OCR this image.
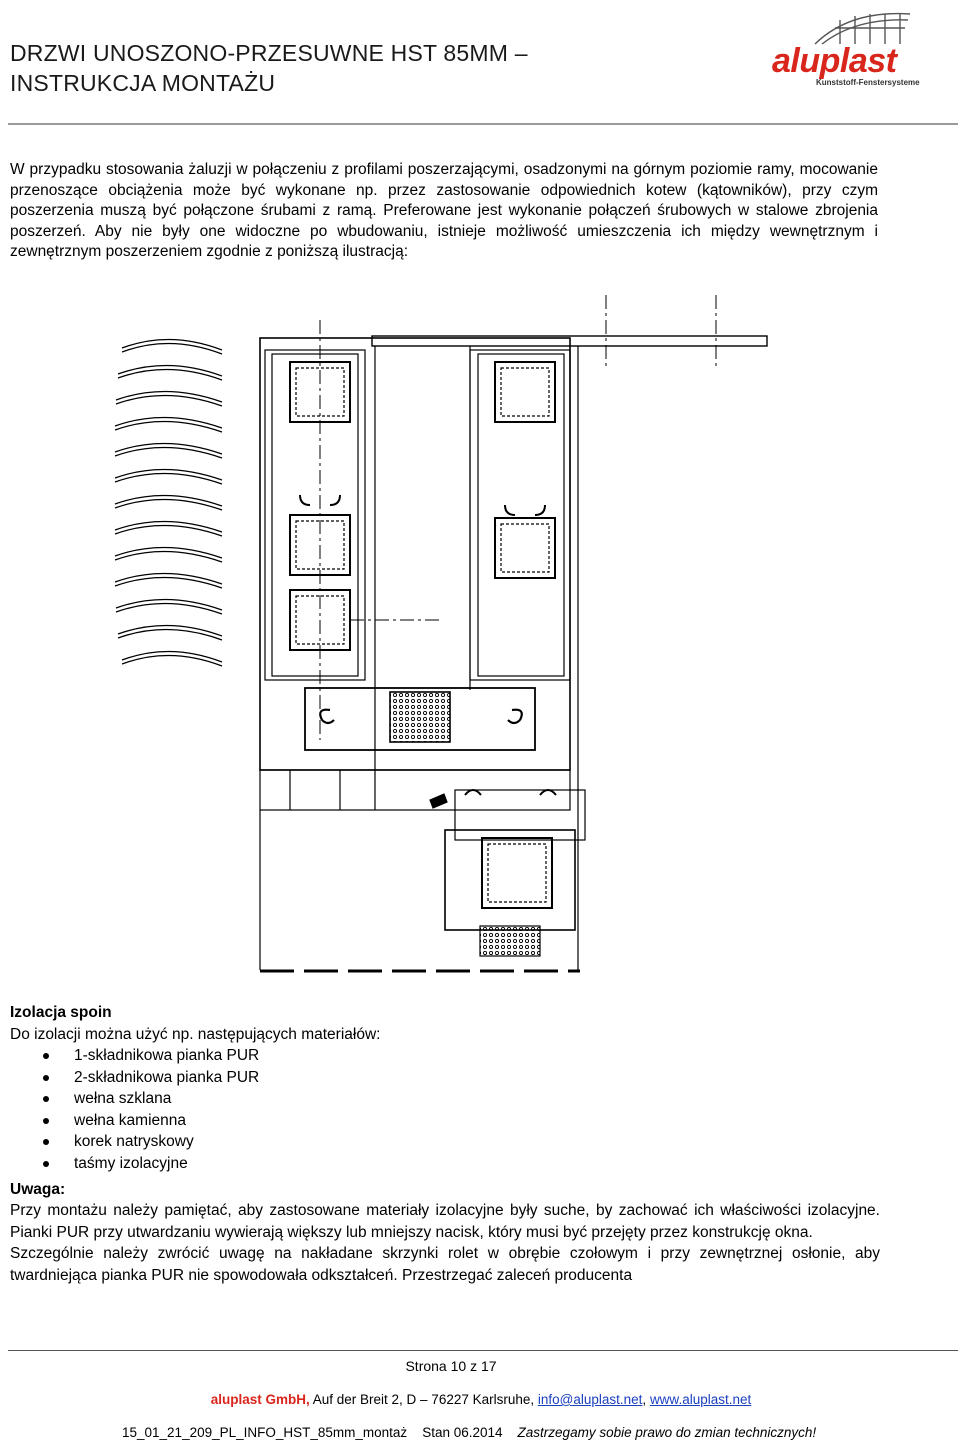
DRZWI UNOSZONO-PRZESUWNE HST 85MM –
INSTRUKCJA MONTAŻU
aluplast
Kunststoff-Fenstersysteme
W przypadku stosowania żaluzji w połączeniu z profilami poszerzającymi, osadzonymi na górnym poziomie ramy, mocowanie przenoszące obciążenia może być wykonane np. przez zastosowanie odpowiednich kotew (kątowników), przy czym poszerzenia muszą być połączone śrubami z ramą. Preferowane jest wykonanie połączeń śrubowych w stalowe zbrojenia poszerzeń. Aby nie były one widoczne po wbudowaniu, istnieje możliwość umieszczenia ich między wewnętrznym i zewnętrznym poszerzeniem zgodnie z poniższą ilustracją:
Izolacja spoin
Do izolacji można użyć np. następujących materiałów:
1-składnikowa pianka PUR
2-składnikowa pianka PUR
wełna szklana
wełna kamienna
korek natryskowy
taśmy izolacyjne
Uwaga:
Przy montażu należy pamiętać, aby zastosowane materiały izolacyjne były suche, by zachować ich właściwości izolacyjne. Pianki PUR przy utwardzaniu wywierają większy lub mniejszy nacisk, który musi być przejęty przez konstrukcję okna.
Szczególnie należy zwrócić uwagę na nakładane skrzynki rolet w obrębie czołowym i przy zewnętrznej osłonie, aby twardniejąca pianka PUR nie spowodowała odkształceń. Przestrzegać zaleceń producenta
Strona 10 z 17
aluplast GmbH, Auf der Breit 2, D – 76227 Karlsruhe, info@aluplast.net, www.aluplast.net
15_01_21_209_PL_INFO_HST_85mm_montaż Stan 06.2014 Zastrzegamy sobie prawo do zmian technicznych!
